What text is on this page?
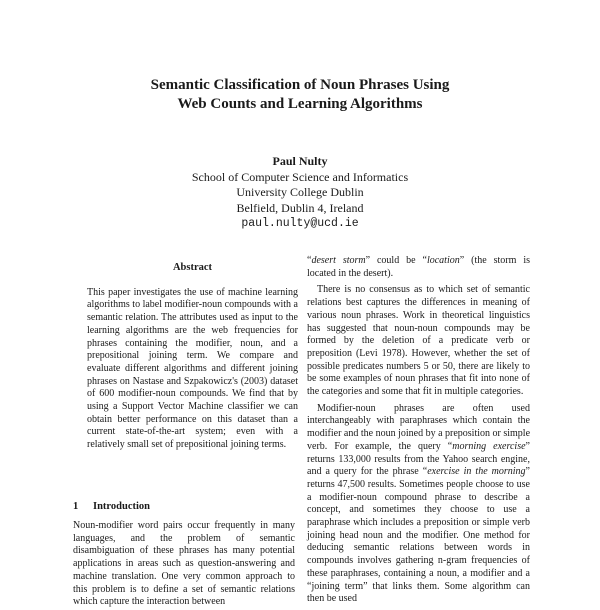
Semantic Classification of Noun Phrases Using
Web Counts and Learning Algorithms
Paul Nulty
School of Computer Science and Informatics
University College Dublin
Belfield, Dublin 4, Ireland
paul.nulty@ucd.ie
Abstract

This paper investigates the use of machine learning algorithms to label modifier-noun compounds with a semantic relation. The attributes used as input to the learning algorithms are the web frequencies for phrases containing the modifier, noun, and a prepositional joining term. We compare and evaluate different algorithms and different joining phrases on Nastase and Szpakowicz's (2003) dataset of 600 modifier-noun compounds. We find that by using a Support Vector Machine classifier we can obtain better performance on this dataset than a current state-of-the-art system; even with a relatively small set of prepositional joining terms.

1 Introduction

Noun-modifier word pairs occur frequently in many languages, and the problem of semantic disambiguation of these phrases has many potential applications in areas such as question-answering and machine translation. One very common approach to this problem is to define a set of semantic relations which capture the interaction between

“desert storm” could be “location” (the storm is located in the desert).

There is no consensus as to which set of semantic relations best captures the differences in meaning of various noun phrases. Work in theoretical linguistics has suggested that noun-noun compounds may be formed by the deletion of a predicate verb or preposition (Levi 1978). However, whether the set of possible predicates numbers 5 or 50, there are likely to be some examples of noun phrases that fit into none of the categories and some that fit in multiple categories.

Modifier-noun phrases are often used interchangeably with paraphrases which contain the modifier and the noun joined by a preposition or simple verb. For example, the query “morning exercise” returns 133,000 results from the Yahoo search engine, and a query for the phrase “exercise in the morning” returns 47,500 results. Sometimes people choose to use a modifier-noun compound phrase to describe a concept, and sometimes they choose to use a paraphrase which includes a preposition or simple verb joining head noun and the modifier. One method for deducing semantic relations between words in compounds involves gathering n-gram frequencies of these paraphrases, containing a noun, a modifier and a “joining term” that links them. Some algorithm can then be used
